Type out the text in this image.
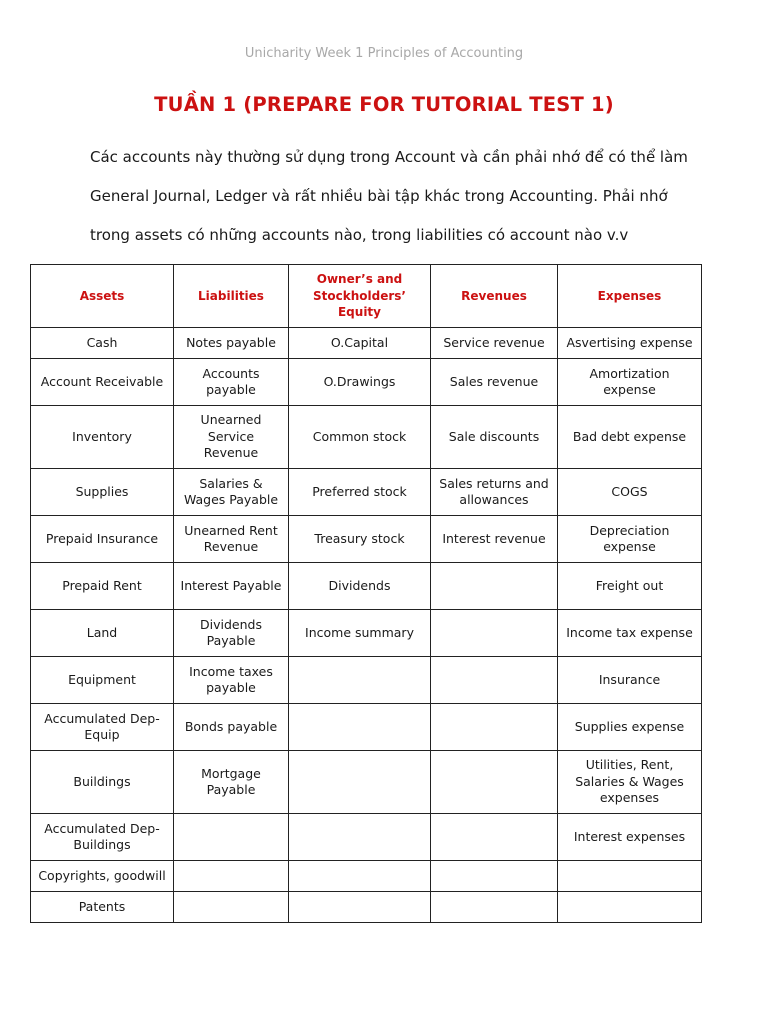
Unicharity Week 1 Principles of Accounting
TUẦN 1 (PREPARE FOR TUTORIAL TEST 1)

Các accounts này thường sử dụng trong Account và cần phải nhớ để có thể làm

General Journal, Ledger và rất nhiều bài tập khác trong Accounting. Phải nhớ

trong assets có những accounts nào, trong liabilities có account nào v.v

Assets	Liabilities	Owner’s and Stockholders’ Equity	Revenues	Expenses
Cash	Notes payable	O.Capital	Service revenue	Asvertising expense
Account Receivable	Accounts payable	O.Drawings	Sales revenue	Amortization expense
Inventory	Unearned Service Revenue	Common stock	Sale discounts	Bad debt expense
Supplies	Salaries & Wages Payable	Preferred stock	Sales returns and allowances	COGS
Prepaid Insurance	Unearned Rent Revenue	Treasury stock	Interest revenue	Depreciation expense
Prepaid Rent	Interest Payable	Dividends		Freight out
Land	Dividends Payable	Income summary		Income tax expense
Equipment	Income taxes payable			Insurance
Accumulated Dep-Equip	Bonds payable			Supplies expense
Buildings	Mortgage Payable			Utilities, Rent, Salaries & Wages expenses
Accumulated Dep-Buildings				Interest expenses
Copyrights, goodwill				
Patents				
